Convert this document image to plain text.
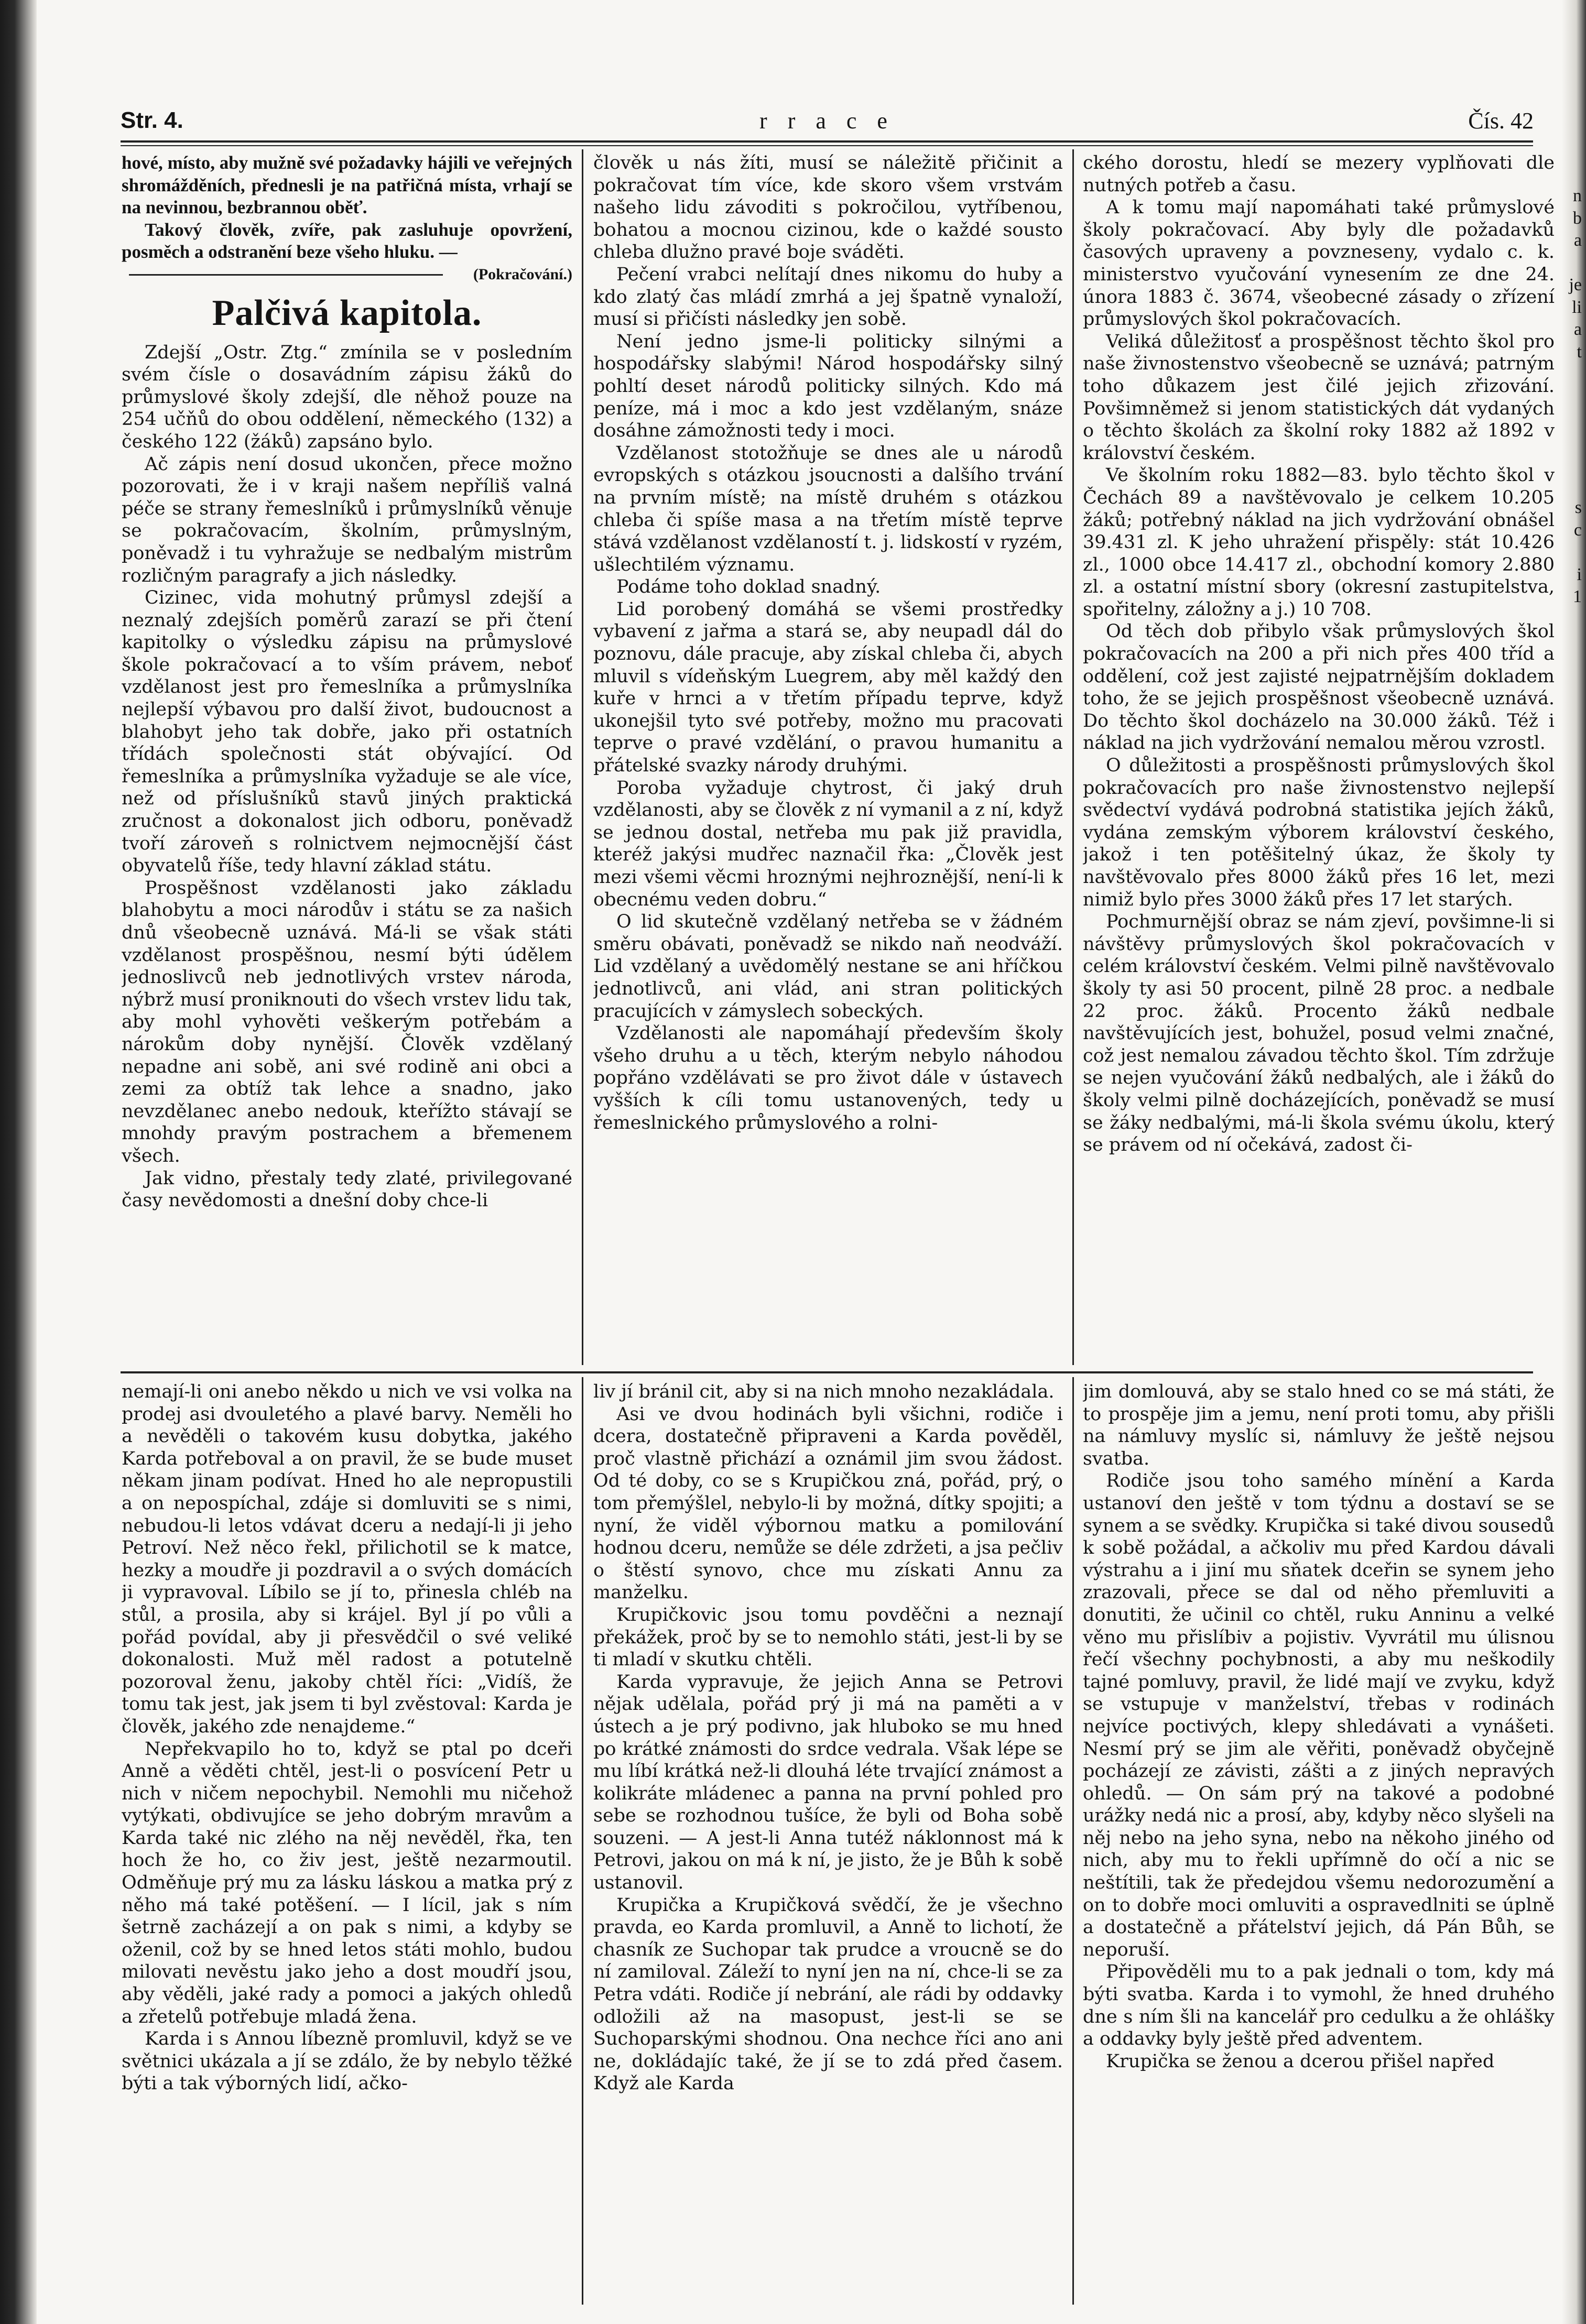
n
b
a
je
li
a
t
s
c
i
1
Str. 4.	r r a c e	Čís. 42

hové, místo, aby mužně své požadavky hájili ve veřejných shromážděních, přednesli je na patřičná místa, vrhají se na nevinnou, bezbrannou oběť.

Takový člověk, zvíře, pak zasluhuje opovržení, posměch a odstranění beze všeho hluku. —

(Pokračování.)

Palčivá kapitola.

Zdejší „Ostr. Ztg.“ zmínila se v posledním svém čísle o dosavádním zápisu žáků do průmyslové školy zdejší, dle něhož pouze na 254 učňů do obou oddělení, německého (132) a českého 122 (žáků) zapsáno bylo.

Ač zápis není dosud ukončen, přece možno pozorovati, že i v kraji našem nepříliš valná péče se strany řemeslníků i průmyslníků věnuje se pokračovacím, školním, průmyslným, poněvadž i tu vyhražuje se nedbalým mistrům rozličným paragrafy a jich následky.

Cizinec, vida mohutný průmysl zdejší a neznalý zdejších poměrů zarazí se při čtení kapitolky o výsledku zápisu na průmyslové škole pokračovací a to vším právem, neboť vzdělanost jest pro řemeslníka a průmyslníka nejlepší výbavou pro další život, budoucnost a blahobyt jeho tak dobře, jako při ostatních třídách společnosti stát obývající. Od řemeslníka a průmyslníka vyžaduje se ale více, než od příslušníků stavů jiných praktická zručnost a dokonalost jich odboru, poněvadž tvoří zároveň s rolnictvem nejmocnější část obyvatelů říše, tedy hlavní základ státu.

Prospěšnost vzdělanosti jako základu blahobytu a moci národův i státu se za našich dnů všeobecně uznává. Má-li se však státi vzdělanost prospěšnou, nesmí býti údělem jednoslivců neb jednotlivých vrstev národa, nýbrž musí proniknouti do všech vrstev lidu tak, aby mohl vyhověti veškerým potřebám a nárokům doby nynější. Člověk vzdělaný nepadne ani sobě, ani své rodině ani obci a zemi za obtíž tak lehce a snadno, jako nevzdělanec anebo nedouk, kteřížto stávají se mnohdy pravým postrachem a břemenem všech.

Jak vidno, přestaly tedy zlaté, privilegované časy nevědomosti a dnešní doby chce-li

člověk u nás žíti, musí se náležitě přičinit a pokračovat tím více, kde skoro všem vrstvám našeho lidu závoditi s pokročilou, vytříbenou, bohatou a mocnou cizinou, kde o každé sousto chleba dlužno pravé boje sváděti.

Pečení vrabci nelítají dnes nikomu do huby a kdo zlatý čas mládí zmrhá a jej špatně vynaloží, musí si přičísti následky jen sobě.

Není jedno jsme-li politicky silnými a hospodářsky slabými! Národ hospodářsky silný pohltí deset národů politicky silných. Kdo má peníze, má i moc a kdo jest vzdělaným, snáze dosáhne zámožnosti tedy i moci.

Vzdělanost stotožňuje se dnes ale u národů evropských s otázkou jsoucnosti a dalšího trvání na prvním místě; na místě druhém s otázkou chleba či spíše masa a na třetím místě teprve stává vzdělanost vzdělaností t. j. lidskostí v ryzém, ušlechtilém významu.

Podáme toho doklad snadný.

Lid porobený domáhá se všemi prostředky vybavení z jařma a stará se, aby neupadl dál do poznovu, dále pracuje, aby získal chleba či, abych mluvil s vídeňským Luegrem, aby měl každý den kuře v hrnci a v třetím případu teprve, když ukonejšil tyto své potřeby, možno mu pracovati teprve o pravé vzdělání, o pravou humanitu a přátelské svazky národy druhými.

Poroba vyžaduje chytrost, či jaký druh vzdělanosti, aby se člověk z ní vymanil a z ní, když se jednou dostal, netřeba mu pak již pravidla, kteréž jakýsi mudřec naznačil řka: „Člověk jest mezi všemi věcmi hroznými nejhroznější, není-li k obecnému veden dobru.“

O lid skutečně vzdělaný netřeba se v žádném směru obávati, poněvadž se nikdo naň neodváží. Lid vzdělaný a uvědomělý nestane se ani hříčkou jednotlivců, ani vlád, ani stran politických pracujících v zámyslech sobeckých.

Vzdělanosti ale napomáhají především školy všeho druhu a u těch, kterým nebylo náhodou popřáno vzdělávati se pro život dále v ústavech vyšších k cíli tomu ustanovených, tedy u řemeslnického průmyslového a rolni-

ckého dorostu, hledí se mezery vyplňovati dle nutných potřeb a času.

A k tomu mají napomáhati také průmyslové školy pokračovací. Aby byly dle požadavků časových upraveny a povzneseny, vydalo c. k. ministerstvo vyučování vynesením ze dne 24. února 1883 č. 3674, všeobecné zásady o zřízení průmyslových škol pokračovacích.

Veliká důležitosť a prospěšnost těchto škol pro naše živnostenstvo všeobecně se uznává; patrným toho důkazem jest čilé jejich zřizování. Povšimněmež si jenom statistických dát vydaných o těchto školách za školní roky 1882 až 1892 v království českém.

Ve školním roku 1882—83. bylo těchto škol v Čechách 89 a navštěvovalo je celkem 10.205 žáků; potřebný náklad na jich vydržování obnášel 39.431 zl. K jeho uhražení přispěly: stát 10.426 zl., 1000 obce 14.417 zl., obchodní komory 2.880 zl. a ostatní místní sbory (okresní zastupitelstva, spořitelny, záložny a j.) 10 708.

Od těch dob přibylo však průmyslových škol pokračovacích na 200 a při nich přes 400 tříd a oddělení, což jest zajisté nejpatrnějším dokladem toho, že se jejich prospěšnost všeobecně uznává. Do těchto škol docházelo na 30.000 žáků. Též i náklad na jich vydržování nemalou měrou vzrostl.

O důležitosti a prospěšnosti průmyslových škol pokračovacích pro naše živnostenstvo nejlepší svědectví vydává podrobná statistika jejích žáků, vydána zemským výborem království českého, jakož i ten potěšitelný úkaz, že školy ty navštěvovalo přes 8000 žáků přes 16 let, mezi nimiž bylo přes 3000 žáků přes 17 let starých.

Pochmurnější obraz se nám zjeví, povšimne-li si návštěvy průmyslových škol pokračovacích v celém království českém. Velmi pilně navštěvovalo školy ty asi 50 procent, pilně 28 proc. a nedbale 22 proc. žáků. Procento žáků nedbale navštěvujících jest, bohužel, posud velmi značné, což jest nemalou závadou těchto škol. Tím zdržuje se nejen vyučování žáků nedbalých, ale i žáků do školy velmi pilně docházejících, poněvadž se musí se žáky nedbalými, má-li škola svému úkolu, který se právem od ní očekává, zadost či-

nemají-li oni anebo někdo u nich ve vsi volka na prodej asi dvouletého a plavé barvy. Neměli ho a nevěděli o takovém kusu dobytka, jakého Karda potřeboval a on pravil, že se bude muset někam jinam podívat. Hned ho ale nepropustili a on nepospíchal, zdáje si domluviti se s nimi, nebudou-li letos vdávat dceru a nedají-li ji jeho Petroví. Než něco řekl, přilichotil se k matce, hezky a moudře ji pozdravil a o svých domácích ji vypravoval. Líbilo se jí to, přinesla chléb na stůl, a prosila, aby si krájel. Byl jí po vůli a pořád povídal, aby ji přesvědčil o své veliké dokonalosti. Muž měl radost a potutelně pozoroval ženu, jakoby chtěl říci: „Vidíš, že tomu tak jest, jak jsem ti byl zvěstoval: Karda je člověk, jakého zde nenajdeme.“

Nepřekvapilo ho to, když se ptal po dceři Anně a věděti chtěl, jest-li o posvícení Petr u nich v ničem nepochybil. Nemohli mu ničehož vytýkati, obdivujíce se jeho dobrým mravům a Karda také nic zlého na něj nevěděl, řka, ten hoch že ho, co živ jest, ještě nezarmoutil. Odměňuje prý mu za lásku láskou a matka prý z něho má také potěšení. — I lícil, jak s ním šetrně zacházejí a on pak s nimi, a kdyby se oženil, což by se hned letos státi mohlo, budou milovati nevěstu jako jeho a dost moudří jsou, aby věděli, jaké rady a pomoci a jakých ohledů a zřetelů potřebuje mladá žena.

Karda i s Annou líbezně promluvil, když se ve světnici ukázala a jí se zdálo, že by nebylo těžké býti a tak výborných lidí, ačko-

liv jí bránil cit, aby si na nich mnoho nezakládala.

Asi ve dvou hodinách byli všichni, rodiče i dcera, dostatečně připraveni a Karda pověděl, proč vlastně přichází a oznámil jim svou žádost. Od té doby, co se s Krupičkou zná, pořád, prý, o tom přemýšlel, nebylo-li by možná, dítky spojiti; a nyní, že viděl výbornou matku a pomilování hodnou dceru, nemůže se déle zdržeti, a jsa pečliv o štěstí synovo, chce mu získati Annu za manželku.

Krupičkovic jsou tomu povděčni a neznají překážek, proč by se to nemohlo státi, jest-li by se ti mladí v skutku chtěli.

Karda vypravuje, že jejich Anna se Petrovi nějak udělala, pořád prý ji má na paměti a v ústech a je prý podivno, jak hluboko se mu hned po krátké známosti do srdce vedrala. Však lépe se mu líbí krátká než-li dlouhá léte trvající známost a kolikráte mládenec a panna na první pohled pro sebe se rozhodnou tušíce, že byli od Boha sobě souzeni. — A jest-li Anna tutéž náklonnost má k Petrovi, jakou on má k ní, je jisto, že je Bůh k sobě ustanovil.

Krupička a Krupičková svědčí, že je všechno pravda, eo Karda promluvil, a Anně to lichotí, že chasník ze Suchopar tak prudce a vroucně se do ní zamiloval. Záleží to nyní jen na ní, chce-li se za Petra vdáti. Rodiče jí nebrání, ale rádi by oddavky odložili až na masopust, jest-li se se Suchoparskými shodnou. Ona nechce říci ano ani ne, dokládajíc také, že jí se to zdá před časem. Když ale Karda

jim domlouvá, aby se stalo hned co se má státi, že to prospěje jim a jemu, není proti tomu, aby přišli na námluvy myslíc si, námluvy že ještě nejsou svatba.

Rodiče jsou toho samého mínění a Karda ustanoví den ještě v tom týdnu a dostaví se se synem a se svědky. Krupička si také divou sousedů k sobě požádal, a ačkoliv mu před Kardou dávali výstrahu a i jiní mu sňatek dceřin se synem jeho zrazovali, přece se dal od něho přemluviti a donutiti, že učinil co chtěl, ruku Anninu a velké věno mu přislíbiv a pojistiv. Vyvrátil mu úlisnou řečí všechny pochybnosti, a aby mu neškodily tajné pomluvy, pravil, že lidé mají ve zvyku, když se vstupuje v manželství, třebas v rodinách nejvíce poctivých, klepy shledávati a vynášeti. Nesmí prý se jim ale věřiti, poněvadž obyčejně pocházejí ze závisti, zášti a z jiných nepravých ohledů. — On sám prý na takové a podobné urážky nedá nic a prosí, aby, kdyby něco slyšeli na něj nebo na jeho syna, nebo na někoho jiného od nich, aby mu to řekli upřímně do očí a nic se neštítili, tak že předejdou všemu nedorozumění a on to dobře moci omluviti a ospravedlniti se úplně a dostatečně a přátelství jejich, dá Pán Bůh, se neporuší.

Připověděli mu to a pak jednali o tom, kdy má býti svatba. Karda i to vymohl, že hned druhého dne s ním šli na kancelář pro cedulku a že ohlášky a oddavky byly ještě před adventem.

Krupička se ženou a dcerou přišel napřed
